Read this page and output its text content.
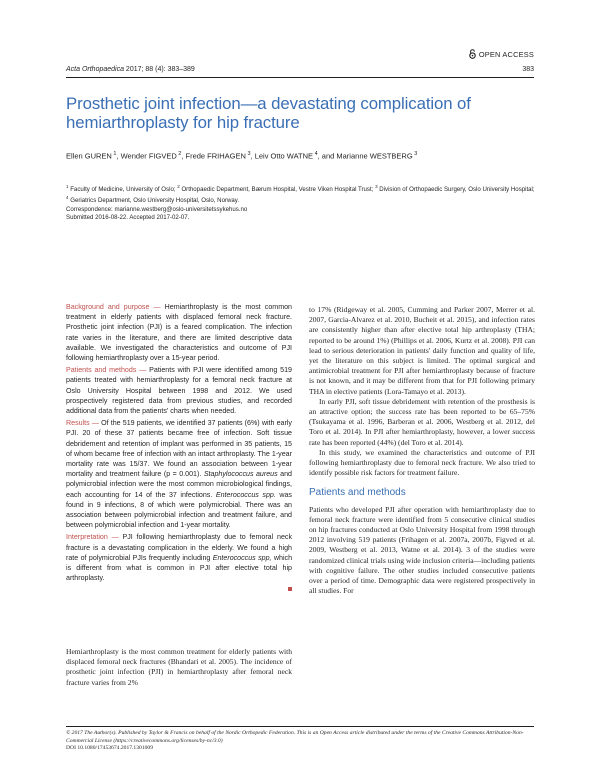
OPEN ACCESS
Acta Orthopaedica 2017; 88 (4): 383–389	383
Prosthetic joint infection—a devastating complication of hemiarthroplasty for hip fracture
Ellen GUREN  $^1$, Wender FIGVED  $^2$, Frede FRIHAGEN  $^3$, Leiv Otto WATNE  $^4$, and Marianne WESTBERG  $^3$
$^1$ Faculty of Medicine, University of Oslo; $^2$ Orthopaedic Department, Bærum Hospital, Vestre Viken Hospital Trust; $^3$ Division of Orthopaedic Surgery, Oslo University Hospital; $^4$ Geriatrics Department, Oslo University Hospital, Oslo, Norway.
Correspondence: marianne.westberg@oslo-universitetssykehus.no
Submitted 2016-08-22. Accepted 2017-02-07.

Background and purpose — Hemiarthroplasty is the most common treatment in elderly patients with displaced femoral neck fracture. Prosthetic joint infection (PJI) is a feared complication. The infection rate varies in the literature, and there are limited descriptive data available. We investigated the characteristics and outcome of PJI following hemiarthroplasty over a 15-year period.

Patients and methods — Patients with PJI were identified among 519 patients treated with hemiarthroplasty for a femoral neck fracture at Oslo University Hospital between 1998 and 2012. We used prospectively registered data from previous studies, and recorded additional data from the patients' charts when needed.

Results — Of the 519 patients, we identified 37 patients (6%) with early PJI. 20 of these 37 patients became free of infection. Soft tissue debridement and retention of implant was performed in 35 patients, 15 of whom became free of infection with an intact arthroplasty. The 1-year mortality rate was 15/37. We found an association between 1-year mortality and treatment failure (p = 0.001). Staphylococcus aureus and polymicrobial infection were the most common microbiological findings, each accounting for 14 of the 37 infections. Enterococcus spp. was found in 9 infections, 8 of which were polymicrobial. There was an association between polymicrobial infection and treatment failure, and between polymicrobial infection and 1-year mortality.

Interpretation — PJI following hemiarthroplasty due to femoral neck fracture is a devastating complication in the elderly. We found a high rate of polymicrobial PJIs frequently including Enterococcus spp, which is different from what is common in PJI after elective total hip arthroplasty.

Hemiarthroplasty is the most common treatment for elderly patients with displaced femoral neck fractures (Bhandari et al. 2005). The incidence of prosthetic joint infection (PJI) in hemiarthroplasty after femoral neck fracture varies from 2%

to 17% (Ridgeway et al. 2005, Cumming and Parker 2007, Merrer et al. 2007, Garcia-Alvarez et al. 2010, Bucheit et al. 2015), and infection rates are consistently higher than after elective total hip arthroplasty (THA; reported to be around 1%) (Phillips et al. 2006, Kurtz et al. 2008). PJI can lead to serious deterioration in patients' daily function and quality of life, yet the literature on this subject is limited. The optimal surgical and antimicrobial treatment for PJI after hemiarthroplasty because of fracture is not known, and it may be different from that for PJI following primary THA in elective patients (Lora-Tamayo et al. 2013).

In early PJI, soft tissue debridement with retention of the prosthesis is an attractive option; the success rate has been reported to be 65–75% (Tsukayama et al. 1996, Barberan et al. 2006, Westberg et al. 2012, del Toro et al. 2014). In PJI after hemiarthroplasty, however, a lower success rate has been reported (44%) (del Toro et al. 2014).

In this study, we examined the characteristics and outcome of PJI following hemiarthroplasty due to femoral neck fracture. We also tried to identify possible risk factors for treatment failure.

Patients and methods

Patients who developed PJI after operation with hemiarthroplasty due to femoral neck fracture were identified from 5 consecutive clinical studies on hip fractures conducted at Oslo University Hospital from 1998 through 2012 involving 519 patients (Frihagen et al. 2007a, 2007b, Figved et al. 2009, Westberg et al. 2013, Watne et al. 2014). 3 of the studies were randomized clinical trials using wide inclusion criteria—including patients with cognitive failure. The other studies included consecutive patients over a period of time. Demographic data were registered prospectively in all studies. For

© 2017 The Author(s). Published by Taylor & Francis on behalf of the Nordic Orthopedic Federation. This is an Open Access article distributed under the terms of the Creative Commons Attribution-Non-Commercial License (https://creativecommons.org/licenses/by-nc/3.0)
DOI 10.1080/17453674.2017.1301009
